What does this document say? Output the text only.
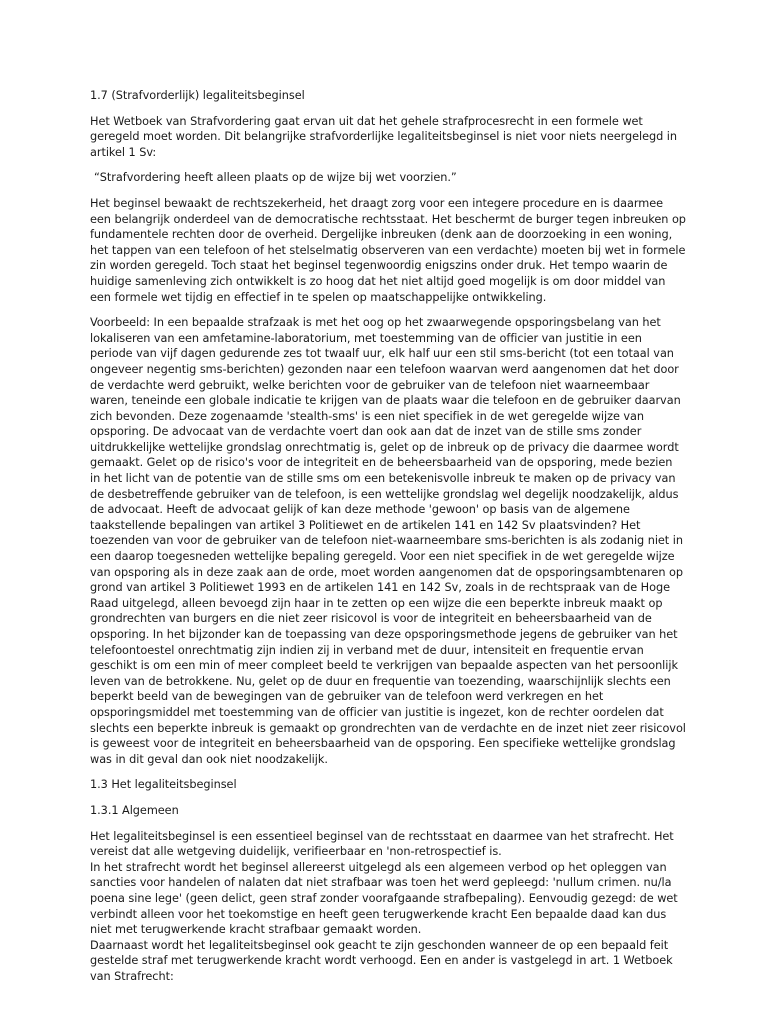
1.7 (Strafvorderlijk) legaliteitsbeginsel

Het Wetboek van Strafvordering gaat ervan uit dat het gehele strafprocesrecht in een formele wet geregeld moet worden. Dit belangrijke strafvorderlijke legaliteitsbeginsel is niet voor niets neergelegd in artikel 1 Sv:

“Strafvordering heeft alleen plaats op de wijze bij wet voorzien.”

Het beginsel bewaakt de rechtszekerheid, het draagt zorg voor een integere procedure en is daarmee een belangrijk onderdeel van de democratische rechtsstaat. Het beschermt de burger tegen inbreuken op fundamentele rechten door de overheid. Dergelijke inbreuken (denk aan de doorzoeking in een woning, het tappen van een telefoon of het stelselmatig observeren van een verdachte) moeten bij wet in formele zin worden geregeld. Toch staat het beginsel tegenwoordig enigszins onder druk. Het tempo waarin de huidige samenleving zich ontwikkelt is zo hoog dat het niet altijd goed mogelijk is om door middel van een formele wet tijdig en effectief in te spelen op maatschappelijke ontwikkeling.

Voorbeeld: In een bepaalde strafzaak is met het oog op het zwaarwegende opsporingsbelang van het lokaliseren van een amfetamine-laboratorium, met toestemming van de officier van justitie in een periode van vijf dagen gedurende zes tot twaalf uur, elk half uur een stil sms-bericht (tot een totaal van ongeveer negentig sms-berichten) gezonden naar een telefoon waarvan werd aangenomen dat het door de verdachte werd gebruikt, welke berichten voor de gebruiker van de telefoon niet waarneembaar waren, teneinde een globale indicatie te krijgen van de plaats waar die telefoon en de gebruiker daarvan zich bevonden. Deze zogenaamde 'stealth-sms' is een niet specifiek in de wet geregelde wijze van opsporing. De advocaat van de verdachte voert dan ook aan dat de inzet van de stille sms zonder uitdrukkelijke wettelijke grondslag onrechtmatig is, gelet op de inbreuk op de privacy die daarmee wordt gemaakt. Gelet op de risico's voor de integriteit en de beheersbaarheid van de opsporing, mede bezien in het licht van de potentie van de stille sms om een betekenisvolle inbreuk te maken op de privacy van de desbetreffende gebruiker van de telefoon, is een wettelijke grondslag wel degelijk noodzakelijk, aldus de advocaat. Heeft de advocaat gelijk of kan deze methode 'gewoon' op basis van de algemene taakstellende bepalingen van artikel 3 Politiewet en de artikelen 141 en 142 Sv plaatsvinden? Het toezenden van voor de gebruiker van de telefoon niet-waarneembare sms-berichten is als zodanig niet in een daarop toegesneden wettelijke bepaling geregeld. Voor een niet specifiek in de wet geregelde wijze van opsporing als in deze zaak aan de orde, moet worden aangenomen dat de opsporingsambtenaren op grond van artikel 3 Politiewet 1993 en de artikelen 141 en 142 Sv, zoals in de rechtspraak van de Hoge Raad uitgelegd, alleen bevoegd zijn haar in te zetten op een wijze die een beperkte inbreuk maakt op grondrechten van burgers en die niet zeer risicovol is voor de integriteit en beheersbaarheid van de opsporing. In het bijzonder kan de toepassing van deze opsporingsmethode jegens de gebruiker van het telefoontoestel onrechtmatig zijn indien zij in verband met de duur, intensiteit en frequentie ervan geschikt is om een min of meer compleet beeld te verkrijgen van bepaalde aspecten van het persoonlijk leven van de betrokkene. Nu, gelet op de duur en frequentie van toezending, waarschijnlijk slechts een beperkt beeld van de bewegingen van de gebruiker van de telefoon werd verkregen en het opsporingsmiddel met toestemming van de officier van justitie is ingezet, kon de rechter oordelen dat slechts een beperkte inbreuk is gemaakt op grondrechten van de verdachte en de inzet niet zeer risicovol is geweest voor de integriteit en beheersbaarheid van de opsporing. Een specifieke wettelijke grondslag was in dit geval dan ook niet noodzakelijk.

1.3 Het legaliteitsbeginsel

1.3.1 Algemeen

Het legaliteitsbeginsel is een essentieel beginsel van de rechtsstaat en daarmee van het strafrecht. Het vereist dat alle wetgeving duidelijk, verifieerbaar en 'non-retrospectief is.

In het strafrecht wordt het beginsel allereerst uitgelegd als een algemeen verbod op het opleggen van sancties voor handelen of nalaten dat niet strafbaar was toen het werd gepleegd: 'nullum crimen. nu/la poena sine lege' (geen delict, geen straf zonder voorafgaande strafbepaling). Eenvoudig gezegd: de wet verbindt alleen voor het toekomstige en heeft geen terugwerkende kracht Een bepaalde daad kan dus niet met terugwerkende kracht strafbaar gemaakt worden.

Daarnaast wordt het legaliteitsbeginsel ook geacht te zijn geschonden wanneer de op een bepaald feit gestelde straf met terugwerkende kracht wordt verhoogd. Een en ander is vastgelegd in art. 1 Wetboek van Strafrecht:
